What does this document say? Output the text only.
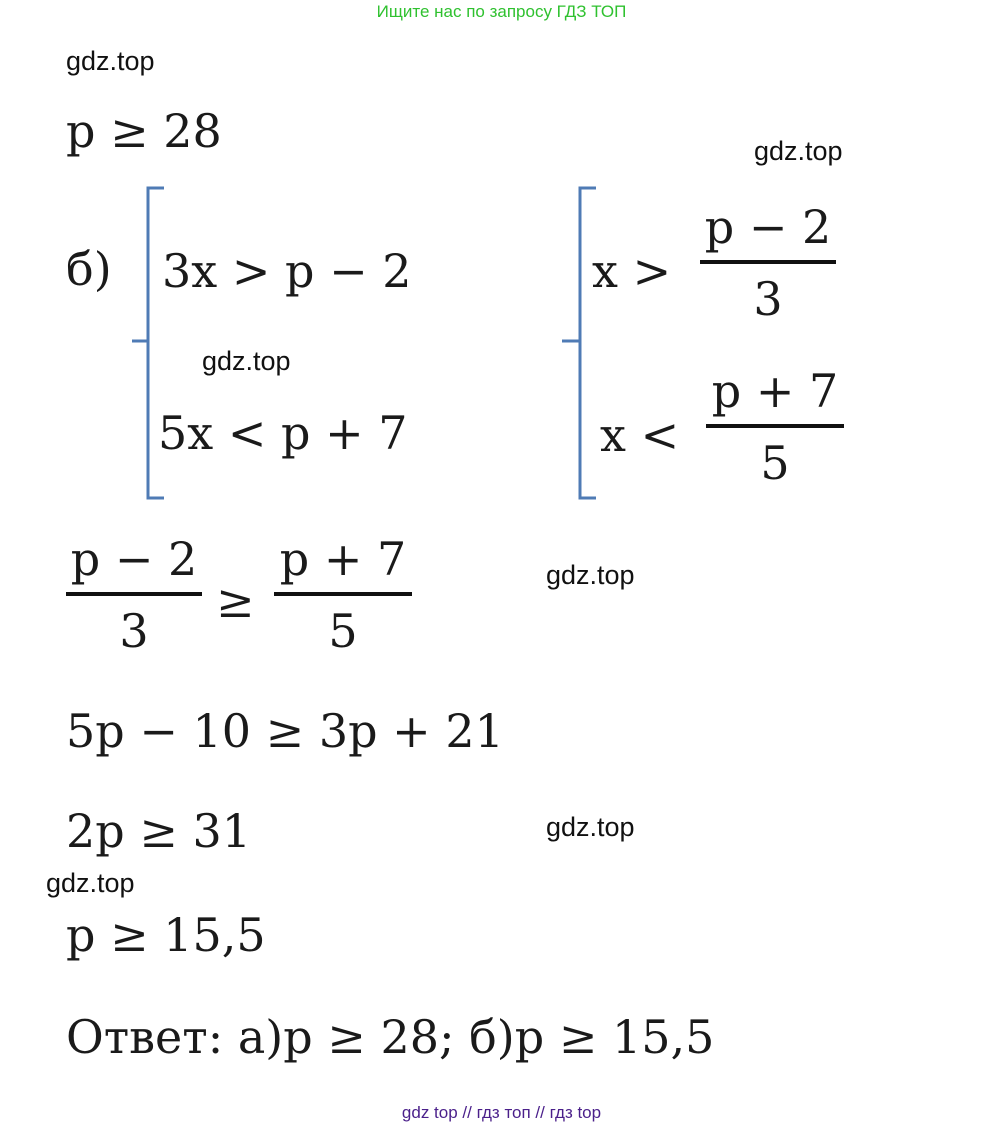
Ищите нас по запросу ГДЗ ТОП
gdz.top
p ≥ 28	gdz.top
б) 3x > p − 2
gdz.top
5x < p + 7
x >
p − 2
3
x <
p + 7
5
p − 2
3
≥
p + 7
5
gdz.top
5p − 10 ≥ 3p + 21
2p ≥ 31	gdz.top
gdz.top
p ≥ 15,5
Ответ: а)p ≥ 28; б)p ≥ 15,5
gdz top // гдз топ // гдз top
